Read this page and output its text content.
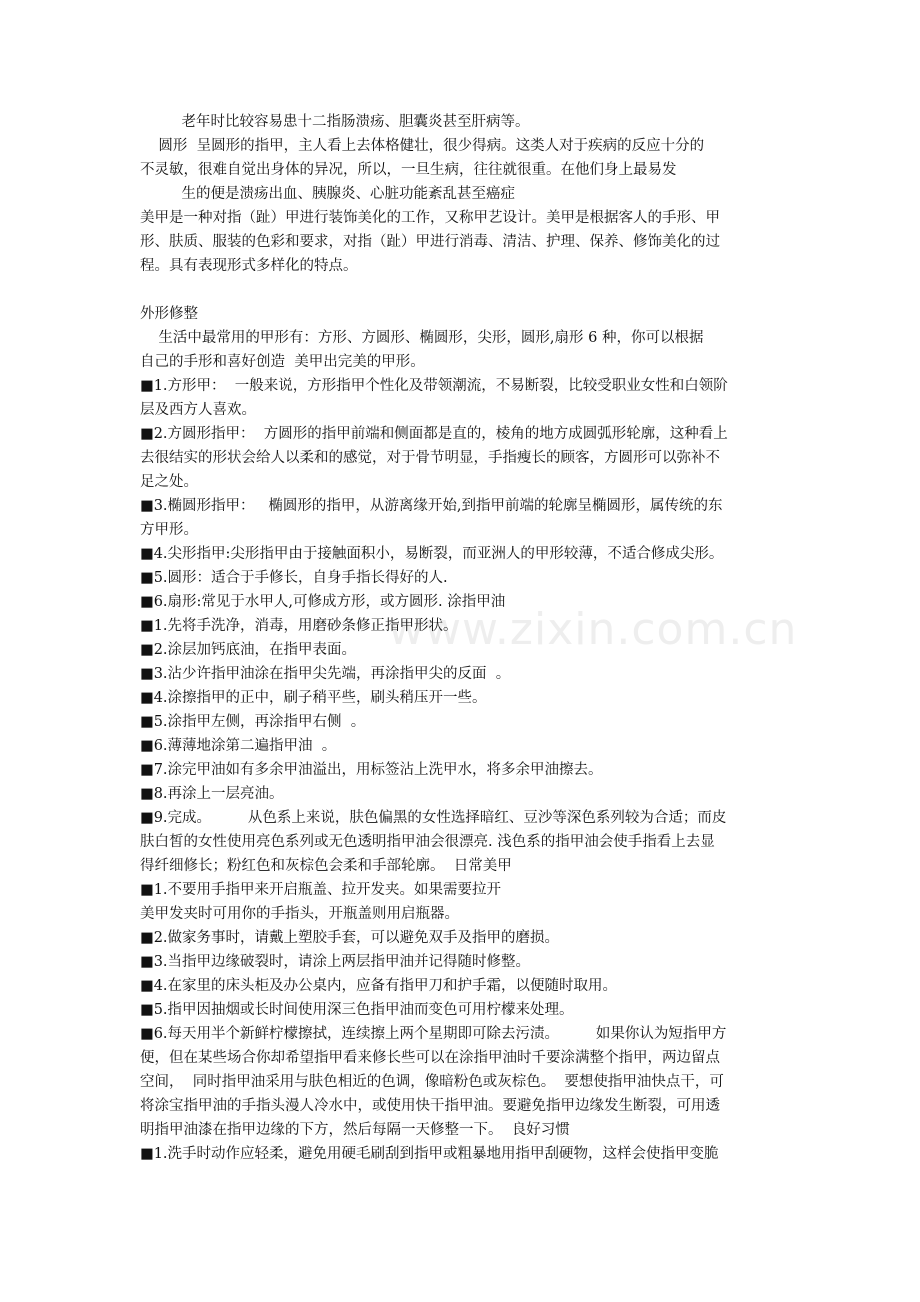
www.zixin.com.cn
老年时比较容易患十二指肠溃疡、胆囊炎甚至肝病等。
圆形  呈圆形的指甲，主人看上去体格健壮，很少得病。这类人对于疾病的反应十分的
不灵敏，很难自觉出身体的异况，所以，一旦生病，往往就很重。在他们身上最易发
生的便是溃疡出血、胰腺炎、心脏功能紊乱甚至癌症
美甲是一种对指（趾）甲进行装饰美化的工作，又称甲艺设计。美甲是根据客人的手形、甲
形、肤质、服装的色彩和要求，对指（趾）甲进行消毒、清洁、护理、保养、修饰美化的过
程。具有表现形式多样化的特点。
外形修整
生活中最常用的甲形有：方形、方圆形、椭圆形，尖形，圆形,扇形 6 种，你可以根据
自己的手形和喜好创造  美甲出完美的甲形。
■1.方形甲：  一般来说，方形指甲个性化及带领潮流，不易断裂，比较受职业女性和白领阶
层及西方人喜欢。
■2.方圆形指甲：  方圆形的指甲前端和侧面都是直的，棱角的地方成圆弧形轮廓，这种看上
去很结实的形状会给人以柔和的感觉，对于骨节明显，手指瘦长的顾客，方圆形可以弥补不
足之处。
■3.椭圆形指甲：   椭圆形的指甲，从游离缘开始,到指甲前端的轮廓呈椭圆形，属传统的东
方甲形。
■4.尖形指甲:尖形指甲由于接触面积小，易断裂，而亚洲人的甲形较薄，不适合修成尖形。
■5.圆形：适合于手修长，自身手指长得好的人.
■6.扇形:常见于水甲人,可修成方形，或方圆形. 涂指甲油
■1.先将手洗净，消毒，用磨砂条修正指甲形状。
■2.涂层加钙底油，在指甲表面。
■3.沾少许指甲油涂在指甲尖先端，再涂指甲尖的反面  。
■4.涂擦指甲的正中，刷子稍平些，刷头稍压开一些。
■5.涂指甲左侧，再涂指甲右侧  。
■6.薄薄地涂第二遍指甲油  。
■7.涂完甲油如有多余甲油溢出，用标签沾上洗甲水，将多余甲油擦去。
■8.再涂上一层亮油。
■9.完成。        从色系上来说，肤色偏黑的女性选择暗红、豆沙等深色系列较为合适；而皮
肤白皙的女性使用亮色系列或无色透明指甲油会很漂亮. 浅色系的指甲油会使手指看上去显
得纤细修长；粉红色和灰棕色会柔和手部轮廓。  日常美甲
■1.不要用手指甲来开启瓶盖、拉开发夹。如果需要拉开
美甲发夹时可用你的手指头，开瓶盖则用启瓶器。
■2.做家务事时，请戴上塑胶手套，可以避免双手及指甲的磨损。
■3.当指甲边缘破裂时，请涂上两层指甲油并记得随时修整。
■4.在家里的床头柜及办公桌内，应备有指甲刀和护手霜，以便随时取用。
■5.指甲因抽烟或长时间使用深三色指甲油而变色可用柠檬来处理。
■6.每天用半个新鲜柠檬擦拭，连续擦上两个星期即可除去污渍。        如果你认为短指甲方
便，但在某些场合你却希望指甲看来修长些可以在涂指甲油时千要涂满整个指甲，两边留点
空间，  同时指甲油采用与肤色相近的色调，像暗粉色或灰棕色。  要想使指甲油快点干，可
将涂宝指甲油的手指头漫人冷水中，或使用快干指甲油。要避免指甲边缘发生断裂，可用透
明指甲油漆在指甲边缘的下方，然后每隔一天修整一下。  良好习惯
■1.洗手时动作应轻柔，避免用硬毛刷刮到指甲或粗暴地用指甲刮硬物，这样会使指甲变脆
